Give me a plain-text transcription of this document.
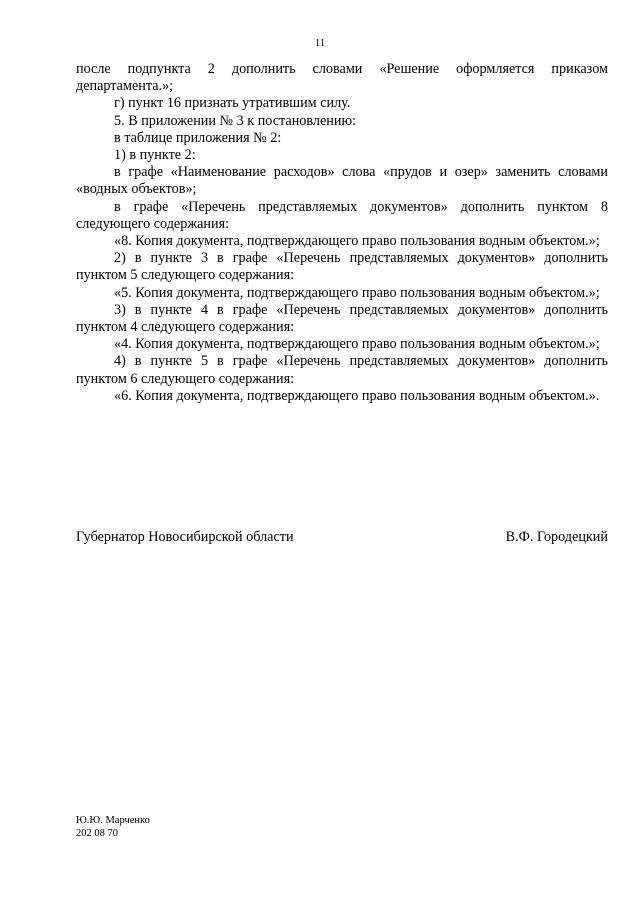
11

после подпункта 2 дополнить словами «Решение оформляется приказом департамента.»;

г) пункт 16 признать утратившим силу.

5. В приложении № 3 к постановлению:

в таблице приложения № 2:

1) в пункте 2:

в графе «Наименование расходов» слова «прудов и озер» заменить словами «водных объектов»;

в графе «Перечень представляемых документов» дополнить пунктом 8 следующего содержания:

«8. Копия документа, подтверждающего право пользования водным объектом.»;

2) в пункте 3 в графе «Перечень представляемых документов» дополнить пунктом 5 следующего содержания:

«5. Копия документа, подтверждающего право пользования водным объектом.»;

3) в пункте 4 в графе «Перечень представляемых документов» дополнить пунктом 4 следующего содержания:

«4. Копия документа, подтверждающего право пользования водным объектом.»;

4) в пункте 5 в графе «Перечень представляемых документов» дополнить пунктом 6 следующего содержания:

«6. Копия документа, подтверждающего право пользования водным объектом.».

Губернатор Новосибирской области	В.Ф. Городецкий
Ю.Ю. Марченко
202 08 70
